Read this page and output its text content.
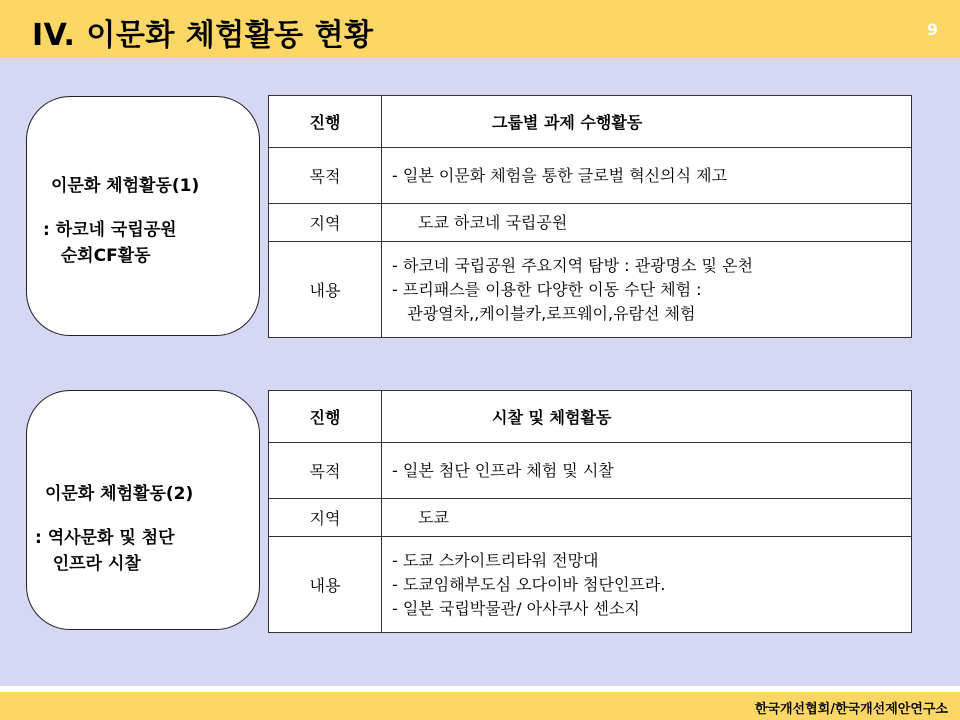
IV. 이문화 체험활동 현황	9
이문화 체험활동(1)
: 하코네 국립공원
순회CF활동
진행	그룹별 과제 수행활동
목적	- 일본 이문화 체험을 통한 글로벌 혁신의식 제고
지역	도쿄 하코네 국립공원
내용	- 하코네 국립공원 주요지역 탐방 : 관광명소 및 온천
- 프리패스를 이용한 다양한 이동 수단 체험 :
관광열차,,케이블카,로프웨이,유람선 체험
이문화 체험활동(2)
: 역사문화 및 첨단
인프라 시찰
진행	시찰 및 체험활동
목적	- 일본 첨단 인프라 체험 및 시찰
지역	도쿄
내용	- 도쿄 스카이트리타워 전망대
- 도쿄임해부도심 오다이바 첨단인프라.
- 일본 국립박물관/ 아사쿠사 센소지
한국개선협회/한국개선제안연구소
